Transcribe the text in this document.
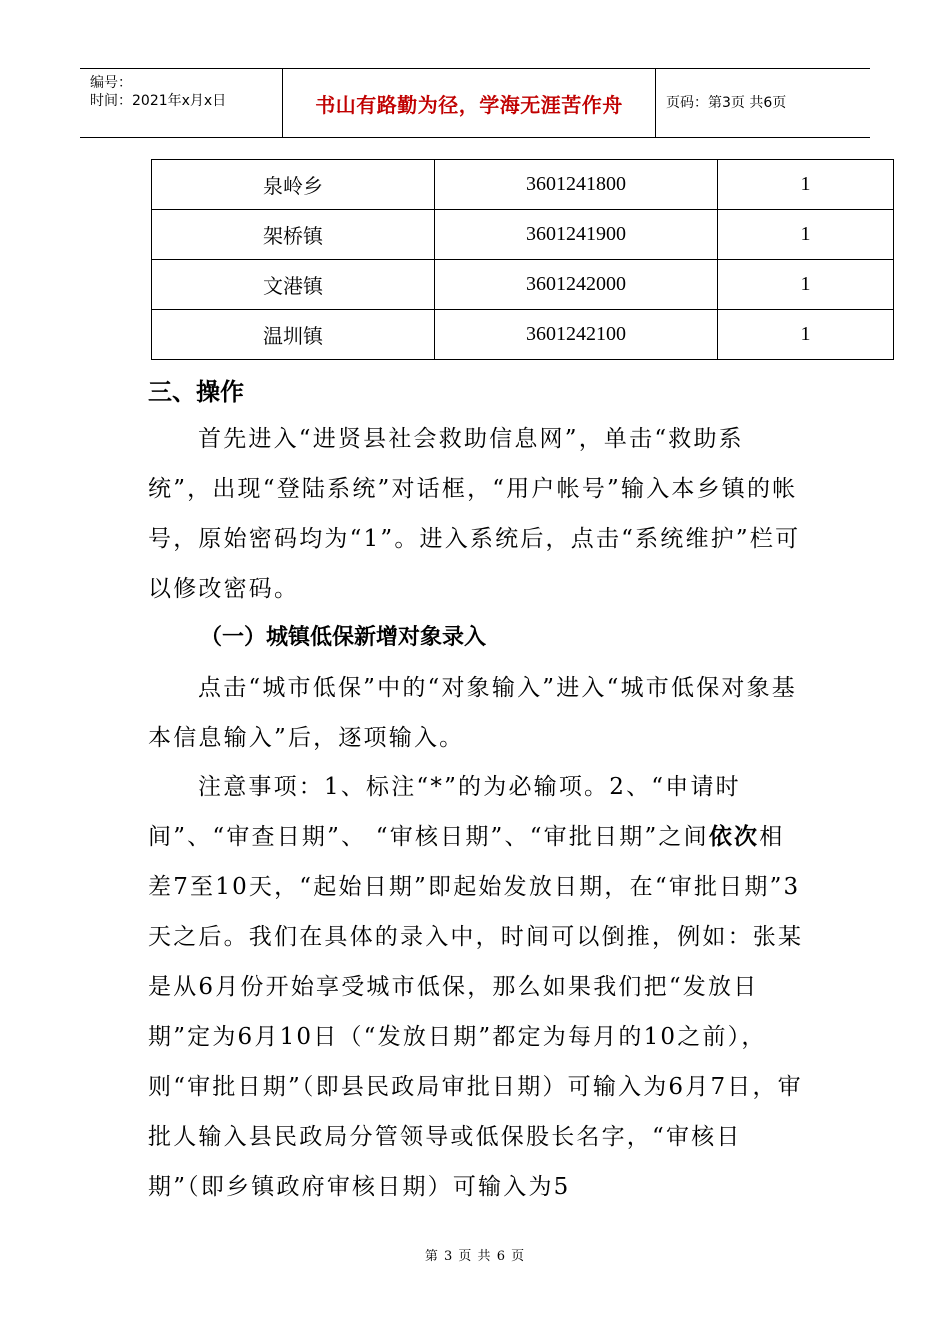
编号：
时间：2021年x月x日	书山有路勤为径，学海无涯苦作舟	页码：第3页 共6页
泉岭乡	3601241800	1
架桥镇	3601241900	1
文港镇	3601242000	1
温圳镇	3601242100	1
三、操作
首先进入“进贤县社会救助信息网”，单击“救助系统”，出现“登陆系统”对话框，“用户帐号”输入本乡镇的帐号，原始密码均为“1”。进入系统后，点击“系统维护”栏可以修改密码。
（一）城镇低保新增对象录入
点击“城市低保”中的“对象输入”进入“城市低保对象基本信息输入”后，逐项输入。
注意事项：1、标注“*”的为必输项。2、“申请时间”、“审查日期”、 “审核日期”、“审批日期”之间依次相差7至10天，“起始日期”即起始发放日期，在“审批日期”3天之后。我们在具体的录入中，时间可以倒推，例如：张某是从6月份开始享受城市低保，那么如果我们把“发放日期”定为6月10日（“发放日期”都定为每月的10之前），则“审批日期”（即县民政局审批日期）可输入为6月7日，审批人输入县民政局分管领导或低保股长名字，“审核日期”（即乡镇政府审核日期）可输入为5
第 3 页 共 6 页
